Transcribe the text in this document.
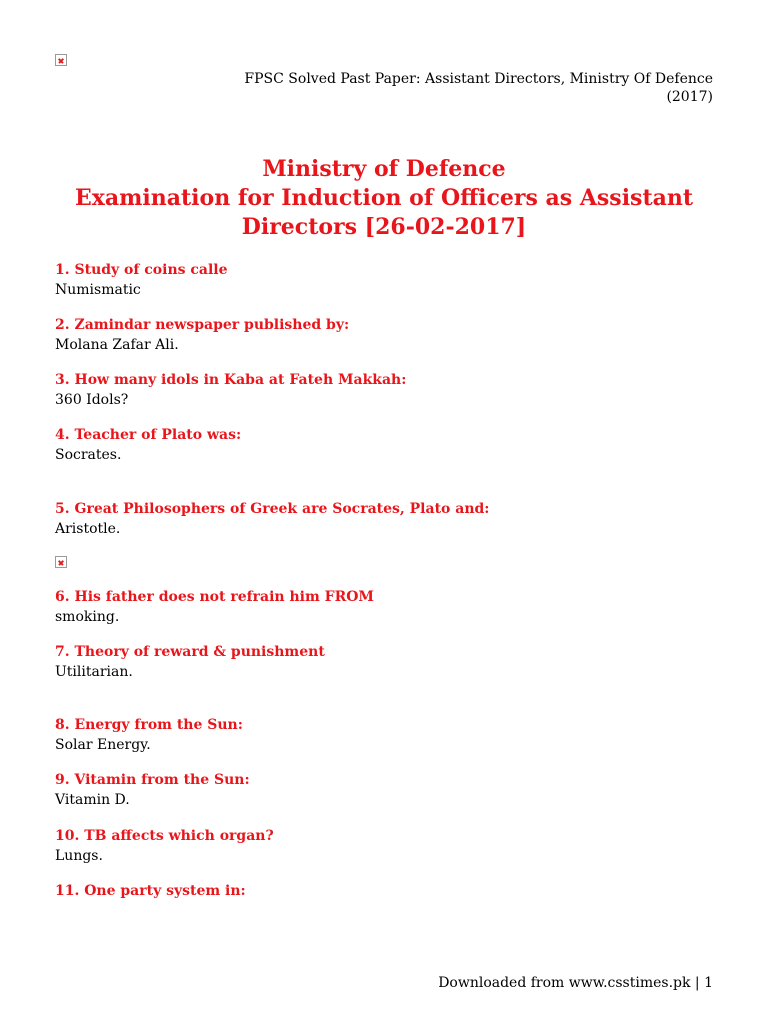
FPSC Solved Past Paper: Assistant Directors, Ministry Of Defence
(2017)
Ministry of Defence
Examination for Induction of Officers as Assistant
Directors [26-02-2017]
1. Study of coins calle
Numismatic
2. Zamindar newspaper published by:
Molana Zafar Ali.
3. How many idols in Kaba at Fateh Makkah:
360 Idols?
4. Teacher of Plato was:
Socrates.
5. Great Philosophers of Greek are Socrates, Plato and:
Aristotle.
6. His father does not refrain him FROM
smoking.
7. Theory of reward & punishment
Utilitarian.
8. Energy from the Sun:
Solar Energy.
9. Vitamin from the Sun:
Vitamin D.
10. TB affects which organ?
Lungs.
11. One party system in:
Downloaded from www.csstimes.pk | 1
